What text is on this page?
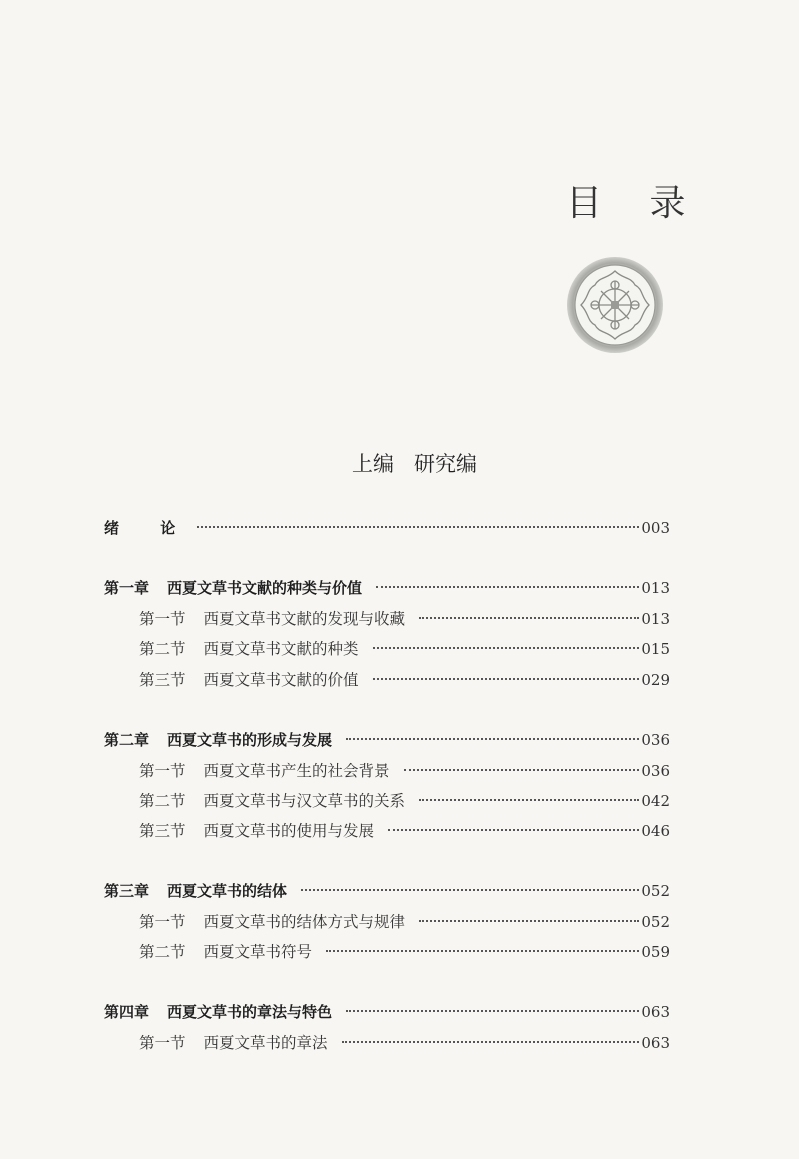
目 录
上编 研究编
绪 论	003
第一章 西夏文草书文献的种类与价值	013
第一节 西夏文草书文献的发现与收藏	013
第二节 西夏文草书文献的种类	015
第三节 西夏文草书文献的价值	029
第二章 西夏文草书的形成与发展	036
第一节 西夏文草书产生的社会背景	036
第二节 西夏文草书与汉文草书的关系	042
第三节 西夏文草书的使用与发展	046
第三章 西夏文草书的结体	052
第一节 西夏文草书的结体方式与规律	052
第二节 西夏文草书符号	059
第四章 西夏文草书的章法与特色	063
第一节 西夏文草书的章法	063
